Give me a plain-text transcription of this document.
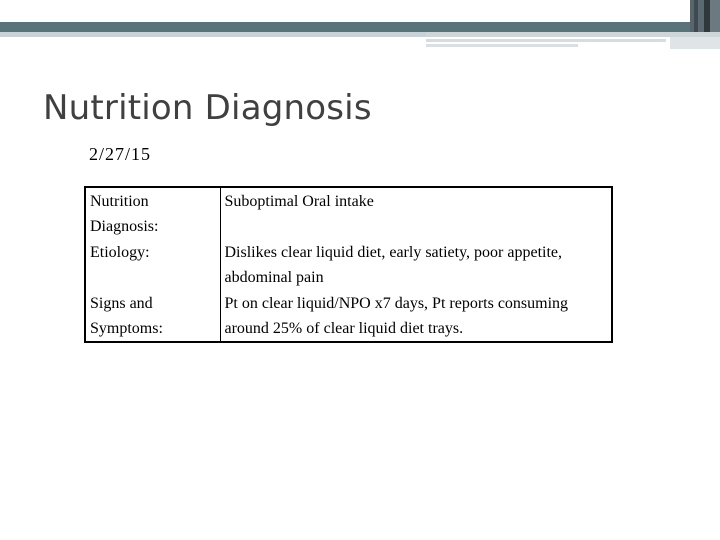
Nutrition Diagnosis
2/27/15
Nutrition Diagnosis:	Suboptimal Oral intake
Etiology:	Dislikes clear liquid diet, early satiety, poor appetite, abdominal pain
Signs and Symptoms:	Pt on clear liquid/NPO x7 days, Pt reports consuming around 25% of clear liquid diet trays.
